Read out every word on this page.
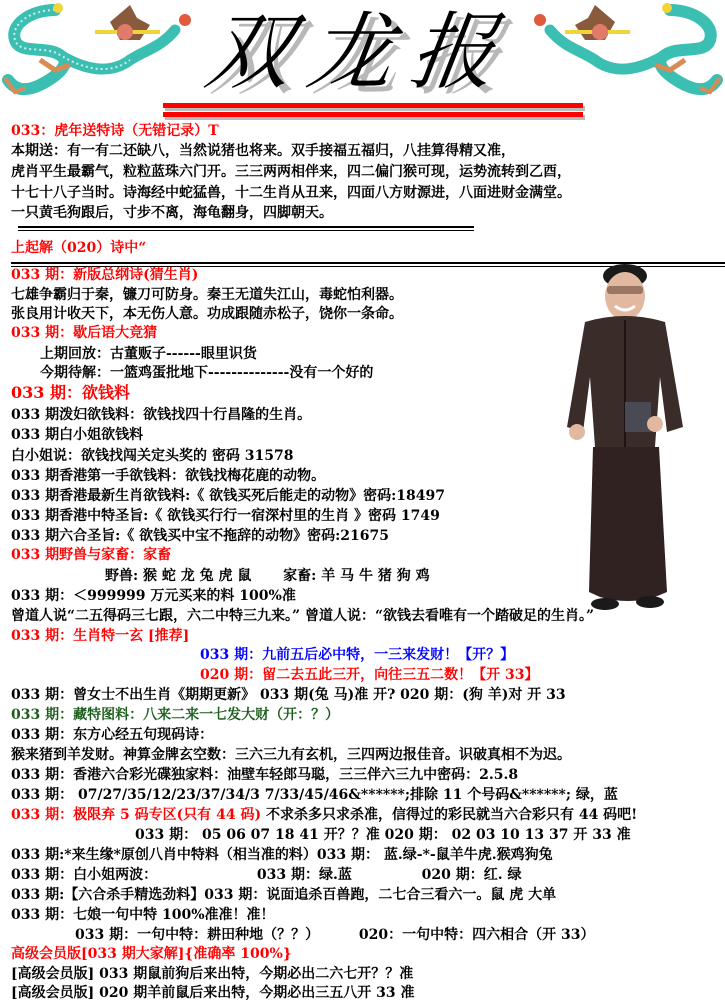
双龙报
033：虎年送特诗（无错记录）T
本期送：有一有二还缺八，当然说猪也将来。双手接福五福归，八挂算得精又准，
虎肖平生最霸气，粒粒蓝珠六门开。三三两两相伴来，四二偏门猴可现，运势流转到乙酉，
十七十八子当时。诗海经中蛇猛兽，十二生肖从丑来，四面八方财源进，八面进财金满堂。
一只黄毛狗跟后，寸步不离，海龟翻身，四脚朝天。
上起解（020）诗中“
033 期：新版总纲诗(猜生肖)
七雄争霸归于秦，镰刀可防身。秦王无道失江山，毒蛇怕利器。
张良用计收天下，本无伤人意。功成跟随赤松子，饶你一条命。
033 期：歇后语大竞猜
上期回放：古董贩子------眼里识货
今期待解：一篮鸡蛋批地下--------------没有一个好的
033 期：欲钱料
033 期泼妇欲钱料：欲钱找四十行昌隆的生肖。
033 期白小姐欲钱料
白小姐说：欲钱找闯关定头奖的 密码 31578
033 期香港第一手欲钱料：欲钱找梅花鹿的动物。
033 期香港最新生肖欲钱料:《 欲钱买死后能走的动物》密码:18497
033 期香港中特圣旨:《 欲钱买行行一宿深村里的生肖 》密码 1749
033 期六合圣旨:《 欲钱买中宝不拖辞的动物》密码:21675
033 期野兽与家畜：家畜
野兽: 猴 蛇 龙 兔 虎 鼠 家畜: 羊 马 牛 猪 狗 鸡
033 期：＜999999 万元买来的料 100%准
曾道人说“二五得码三七跟，六二中特三九来。” 曾道人说：“欲钱去看唯有一个踏破足的生肖。”
033 期：生肖特一玄 [推荐]
033 期：九前五后必中特，一三来发财！【开？】
020 期：留二去五此三开，向往三五二数！【开 33】
033 期：曾女士不出生肖《期期更新》 033 期(兔 马)准 开? 020 期：(狗 羊)对 开 33
033 期：藏特图料：八来二来一七发大财（开：？）
033 期：东方心经五句现码诗：
猴来猪到羊发财。神算金牌玄空数：三六三九有玄机，三四两边报佳音。识破真相不为迟。
033 期：香港六合彩光碟独家料：油壁车轻郎马聪，三三伴六三九中密码：2.5.8
033 期： 07/27/35/12/23/37/34/3 7/33/45/46&******;排除 11 个号码&******; 绿，蓝
033 期：极限弃 5 码专区(只有 44 码) 不求杀多只求杀准，信得过的彩民就当六合彩只有 44 码吧!
033 期： 05 06 07 18 41 开？？准 020 期： 02 03 10 13 37 开 33 准
033 期:*来生缘*原创八肖中特料（相当准的料）033 期： 蓝.绿-*-鼠羊牛虎.猴鸡狗兔
033 期：白小姐两波：	033 期：绿.蓝	020 期：红. 绿
033 期:【六合杀手精选劲料】033 期：说面追杀百兽跑，二七合三看六一。鼠 虎 大单
033 期：七娘一句中特 100%准准！准！
033 期：一句中特：耕田种地（？？）	020：一句中特：四六相合（开 33）
高级会员版[033 期大家解]{准确率 100%}
[高级会员版] 033 期鼠前狗后来出特，今期必出二六七开？？准
[高级会员版] 020 期羊前鼠后来出特，今期必出三五八开 33 准
